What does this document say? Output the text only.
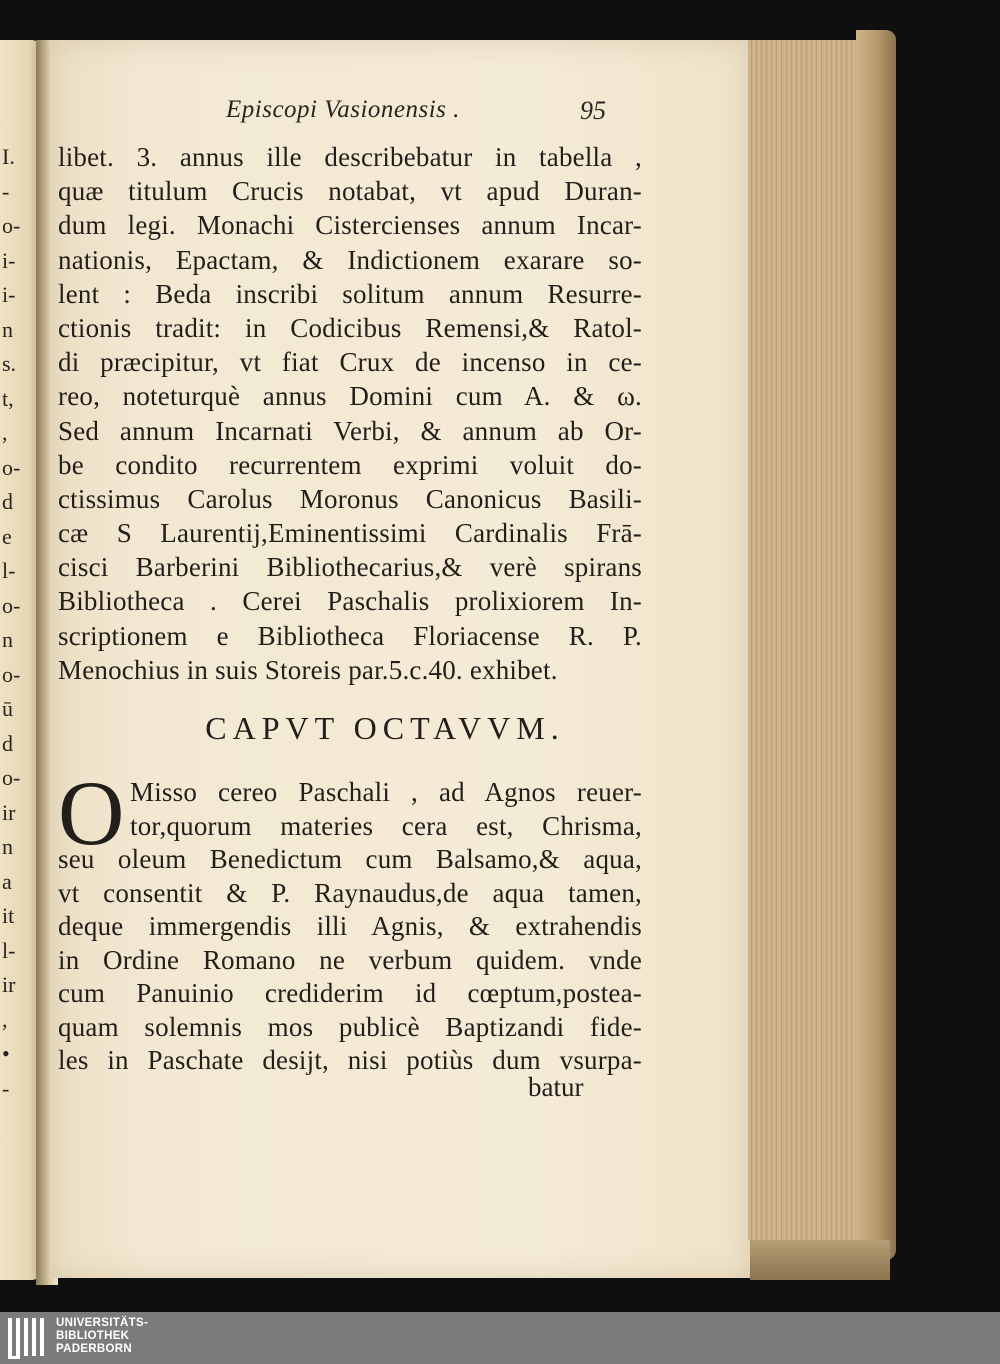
I.
-
o-
i-
i-
n
s.
t,
,
o-
d
e
l-
o-
n
o-
ū
d
o-
ir
n
a
it
l-
ir
,
•
-
Episcopi Vasionensis .	95
libet. 3. annus ille describebatur in tabella ,
quæ titulum Crucis notabat, vt apud Duran-
dum legi. Monachi Cistercienses annum Incar-
nationis, Epactam, & Indictionem exarare so-
lent : Beda inscribi solitum annum Resurre-
ctionis tradit: in Codicibus Remensi,& Ratol-
di præcipitur, vt fiat Crux de incenso in ce-
reo, noteturquè annus Domini cum A. & ω.
Sed annum Incarnati Verbi, & annum ab Or-
be condito recurrentem exprimi voluit do-
ctissimus Carolus Moronus Canonicus Basili-
cæ S Laurentij,Eminentissimi Cardinalis Frā-
cisci Barberini Bibliothecarius,& verè spirans
Bibliotheca . Cerei Paschalis prolixiorem In-
scriptionem e Bibliotheca Floriacense R. P.
Menochius in suis Storeis par.5.c.40. exhibet.
CAPVT OCTAVVM.
O Misso cereo Paschali , ad Agnos reuer-
tor,quorum materies cera est, Chrisma,
seu oleum Benedictum cum Balsamo,& aqua,
vt consentit & P. Raynaudus,de aqua tamen,
deque immergendis illi Agnis, & extrahendis
in Ordine Romano ne verbum quidem. vnde
cum Panuinio crediderim id cœptum,postea-
quam solemnis mos publicè Baptizandi fide-
les in Paschate desijt, nisi potiùs dum vsurpa-
batur
UNIVERSITÄTS-
BIBLIOTHEK
PADERBORN
